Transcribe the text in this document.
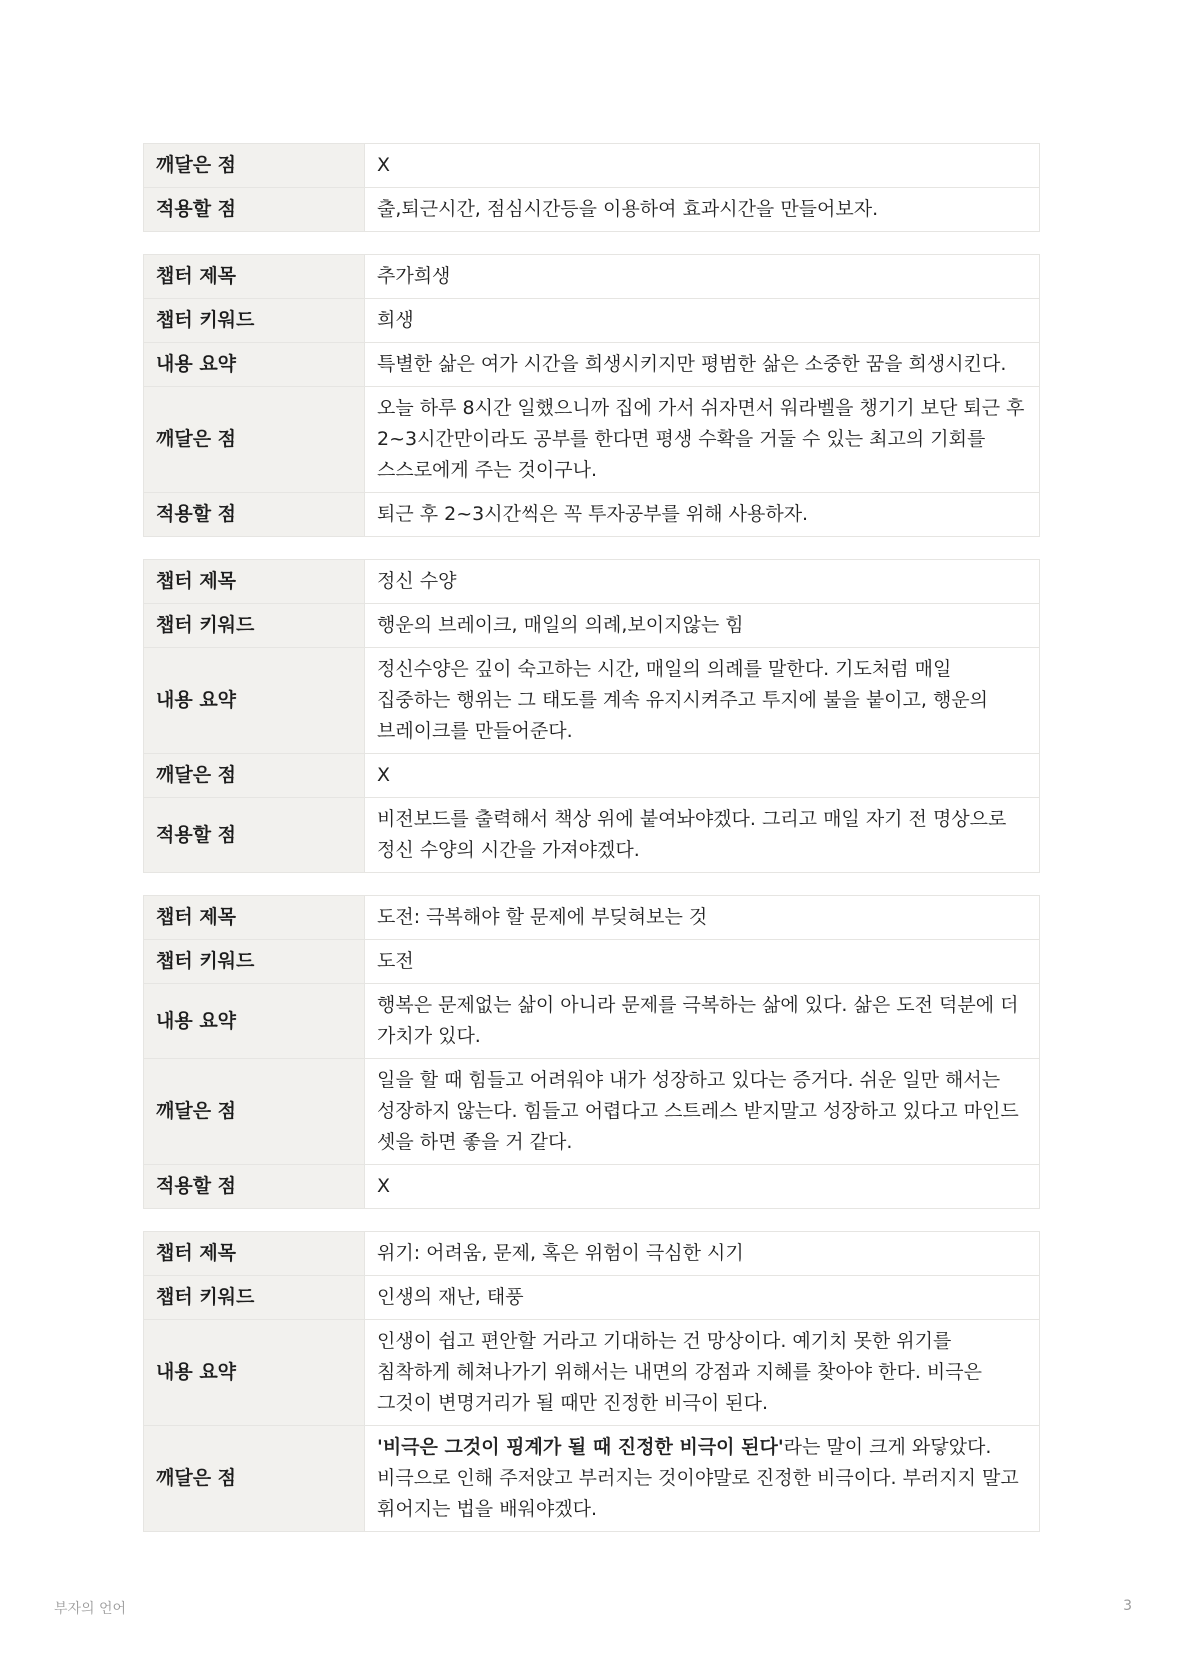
깨달은 점	X
적용할 점	출,퇴근시간, 점심시간등을 이용하여 효과시간을 만들어보자.
챕터 제목	추가희생
챕터 키워드	희생
내용 요약	특별한 삶은 여가 시간을 희생시키지만 평범한 삶은 소중한 꿈을 희생시킨다.
깨달은 점	오늘 하루 8시간 일했으니까 집에 가서 쉬자면서 워라벨을 챙기기 보단 퇴근 후 2~3시간만이라도 공부를 한다면 평생 수확을 거둘 수 있는 최고의 기회를 스스로에게 주는 것이구나.
적용할 점	퇴근 후 2~3시간씩은 꼭 투자공부를 위해 사용하자.
챕터 제목	정신 수양
챕터 키워드	행운의 브레이크, 매일의 의례,보이지않는 힘
내용 요약	정신수양은 깊이 숙고하는 시간, 매일의 의례를 말한다. 기도처럼 매일 집중하는 행위는 그 태도를 계속 유지시켜주고 투지에 불을 붙이고, 행운의 브레이크를 만들어준다.
깨달은 점	X
적용할 점	비전보드를 출력해서 책상 위에 붙여놔야겠다. 그리고 매일 자기 전 명상으로 정신 수양의 시간을 가져야겠다.
챕터 제목	도전: 극복해야 할 문제에 부딪혀보는 것
챕터 키워드	도전
내용 요약	행복은 문제없는 삶이 아니라 문제를 극복하는 삶에 있다. 삶은 도전 덕분에 더 가치가 있다.
깨달은 점	일을 할 때 힘들고 어려워야 내가 성장하고 있다는 증거다. 쉬운 일만 해서는 성장하지 않는다. 힘들고 어렵다고 스트레스 받지말고 성장하고 있다고 마인드 셋을 하면 좋을 거 같다.
적용할 점	X
챕터 제목	위기: 어려움, 문제, 혹은 위험이 극심한 시기
챕터 키워드	인생의 재난, 태풍
내용 요약	인생이 쉽고 편안할 거라고 기대하는 건 망상이다. 예기치 못한 위기를 침착하게 헤쳐나가기 위해서는 내면의 강점과 지혜를 찾아야 한다. 비극은 그것이 변명거리가 될 때만 진정한 비극이 된다.
깨달은 점	'비극은 그것이 핑계가 될 때 진정한 비극이 된다'라는 말이 크게 와닿았다. 비극으로 인해 주저앉고 부러지는 것이야말로 진정한 비극이다. 부러지지 말고 휘어지는 법을 배워야겠다.
부자의 언어	3
